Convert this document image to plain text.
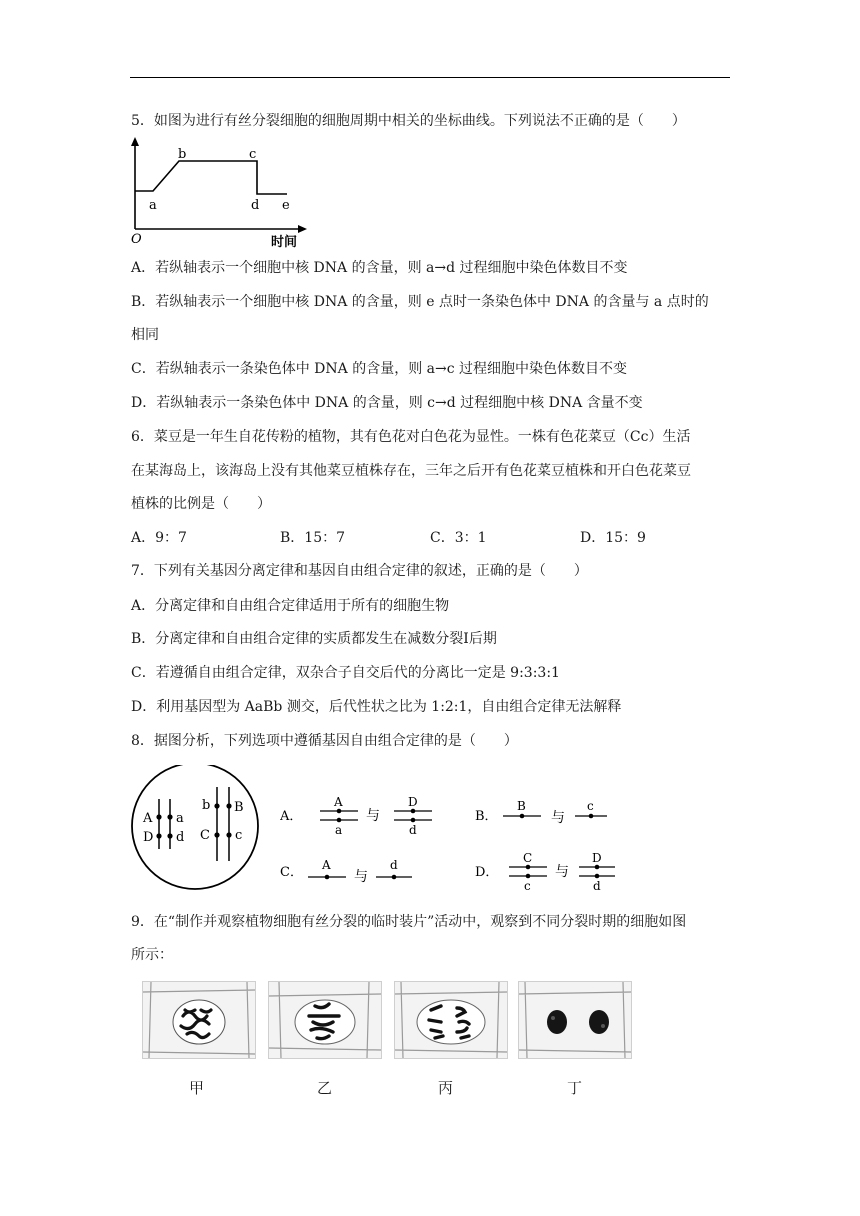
5．如图为进行有丝分裂细胞的细胞周期中相关的坐标曲线。下列说法不正确的是（　　）
a
b	c
d e
O	时间
A．若纵轴表示一个细胞中核 DNA 的含量，则 a→d 过程细胞中染色体数目不变
B．若纵轴表示一个细胞中核 DNA 的含量，则 e 点时一条染色体中 DNA 的含量与 a 点时的
相同
C．若纵轴表示一条染色体中 DNA 的含量，则 a→c 过程细胞中染色体数目不变
D．若纵轴表示一条染色体中 DNA 的含量，则 c→d 过程细胞中核 DNA 含量不变
6．菜豆是一年生自花传粉的植物，其有色花对白色花为显性。一株有色花菜豆（Cc）生活
在某海岛上，该海岛上没有其他菜豆植株存在，三年之后开有色花菜豆植株和开白色花菜豆
植株的比例是（　　）
A．9：7	B．15：7	C．3：1	D．15：9
7．下列有关基因分离定律和基因自由组合定律的叙述，正确的是（　　）
A．分离定律和自由组合定律适用于所有的细胞生物
B．分离定律和自由组合定律的实质都发生在减数分裂Ⅰ后期
C．若遵循自由组合定律，双杂合子自交后代的分离比一定是 9:3:3:1
D．利用基因型为 AaBb 测交，后代性状之比为 1:2:1，自由组合定律无法解释
8．据图分析，下列选项中遵循基因自由组合定律的是（　　）
A a
D d
b B
C c
A．
A
a
与
D
d
B．
B
与
c
C． A
与
d	D．
C
c
与
D
d
9．在“制作并观察植物细胞有丝分裂的临时装片”活动中，观察到不同分裂时期的细胞如图
所示：
甲	乙	丙	丁
